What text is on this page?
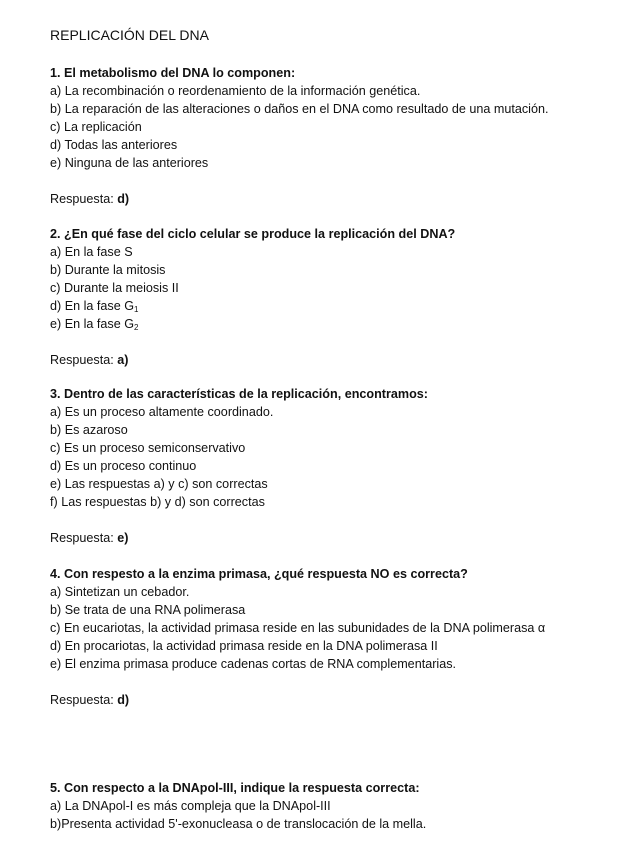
REPLICACIÓN DEL DNA
1. El metabolismo del DNA lo componen:
a) La recombinación o reordenamiento de la información genética.
b) La reparación de las alteraciones o daños en el DNA como resultado de una mutación.
c) La replicación
d) Todas las anteriores
e) Ninguna de las anteriores
Respuesta: d)
2. ¿En qué fase del ciclo celular se produce la replicación del DNA?
a) En la fase S
b) Durante la mitosis
c) Durante la meiosis II
d) En la fase $G_1$
e) En la fase $G_2$
Respuesta: a)
3. Dentro de las características de la replicación, encontramos:
a) Es un proceso altamente coordinado.
b) Es azaroso
c) Es un proceso semiconservativo
d) Es un proceso continuo
e) Las respuestas a) y c) son correctas
f) Las respuestas b) y d) son correctas
Respuesta: e)
4. Con respesto a la enzima primasa, ¿qué respuesta NO es correcta?
a) Sintetizan un cebador.
b) Se trata de una RNA polimerasa
c) En eucariotas, la actividad primasa reside en las subunidades de la DNA polimerasa α
d) En procariotas, la actividad primasa reside en la DNA polimerasa II
e) El enzima primasa produce cadenas cortas de RNA complementarias.
Respuesta: d)
5. Con respecto a la DNApol-III, indique la respuesta correcta:
a) La DNApol-I es más compleja que la DNApol-III
b)Presenta actividad 5'-exonucleasa o de translocación de la mella.
